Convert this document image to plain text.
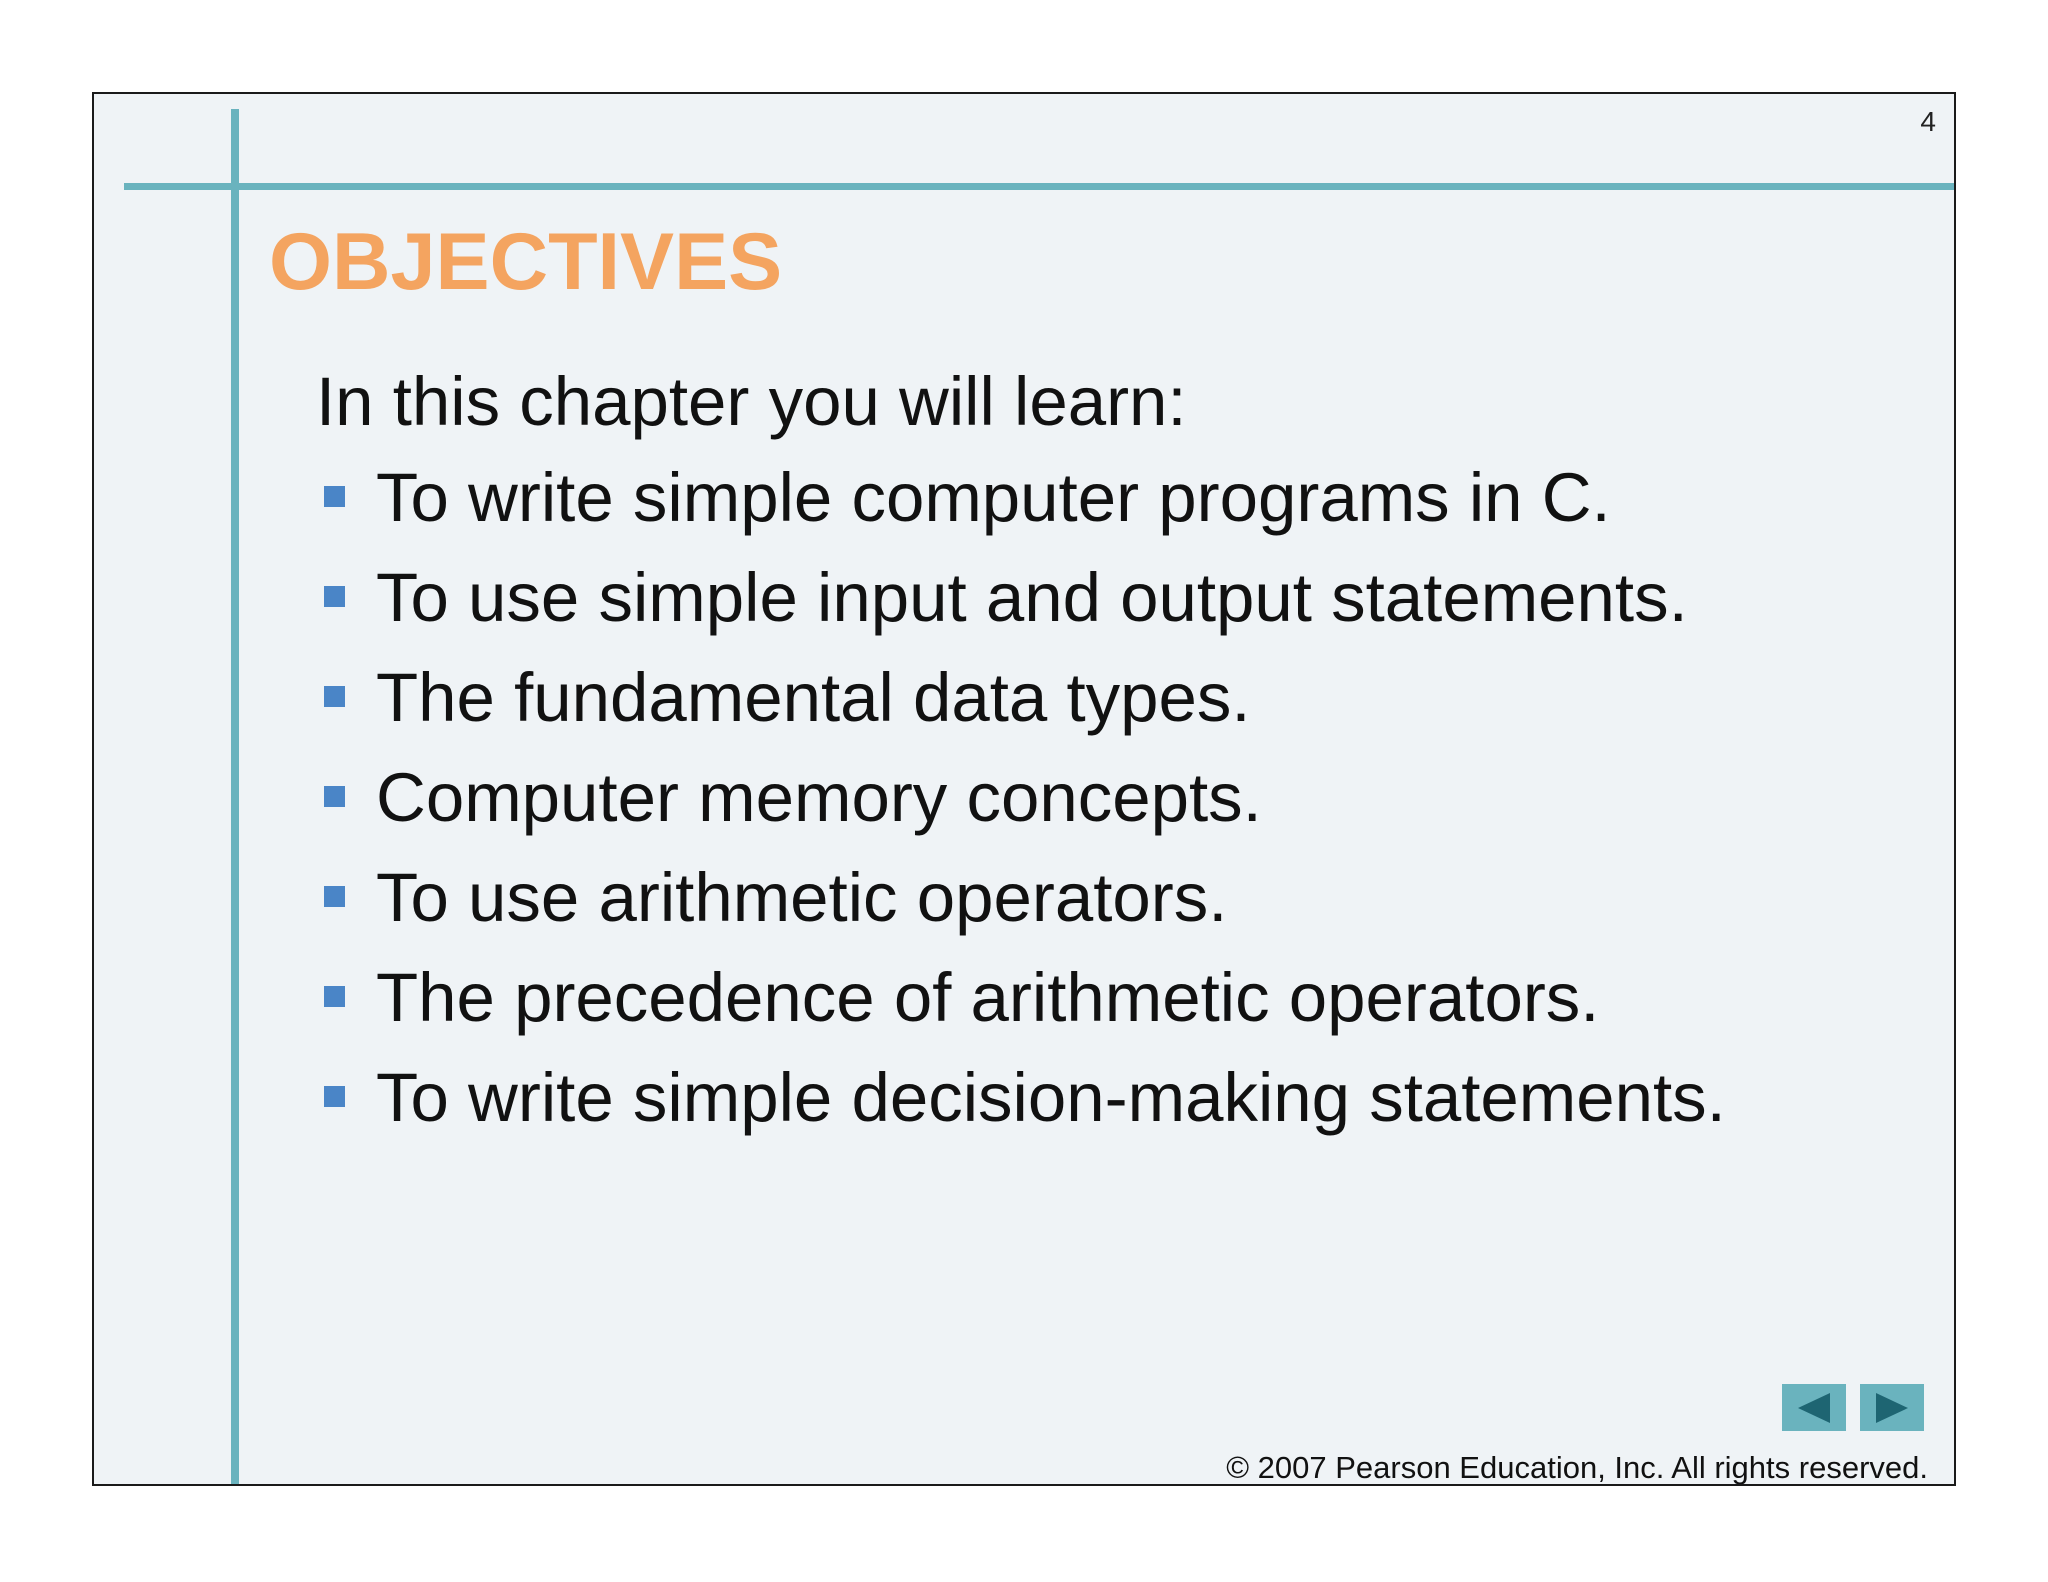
4
OBJECTIVES
In this chapter you will learn:
To write simple computer programs in C.
To use simple input and output statements.
The fundamental data types.
Computer memory concepts.
To use arithmetic operators.
The precedence of arithmetic operators.
To write simple decision-making statements.
© 2007 Pearson Education, Inc. All rights reserved.
